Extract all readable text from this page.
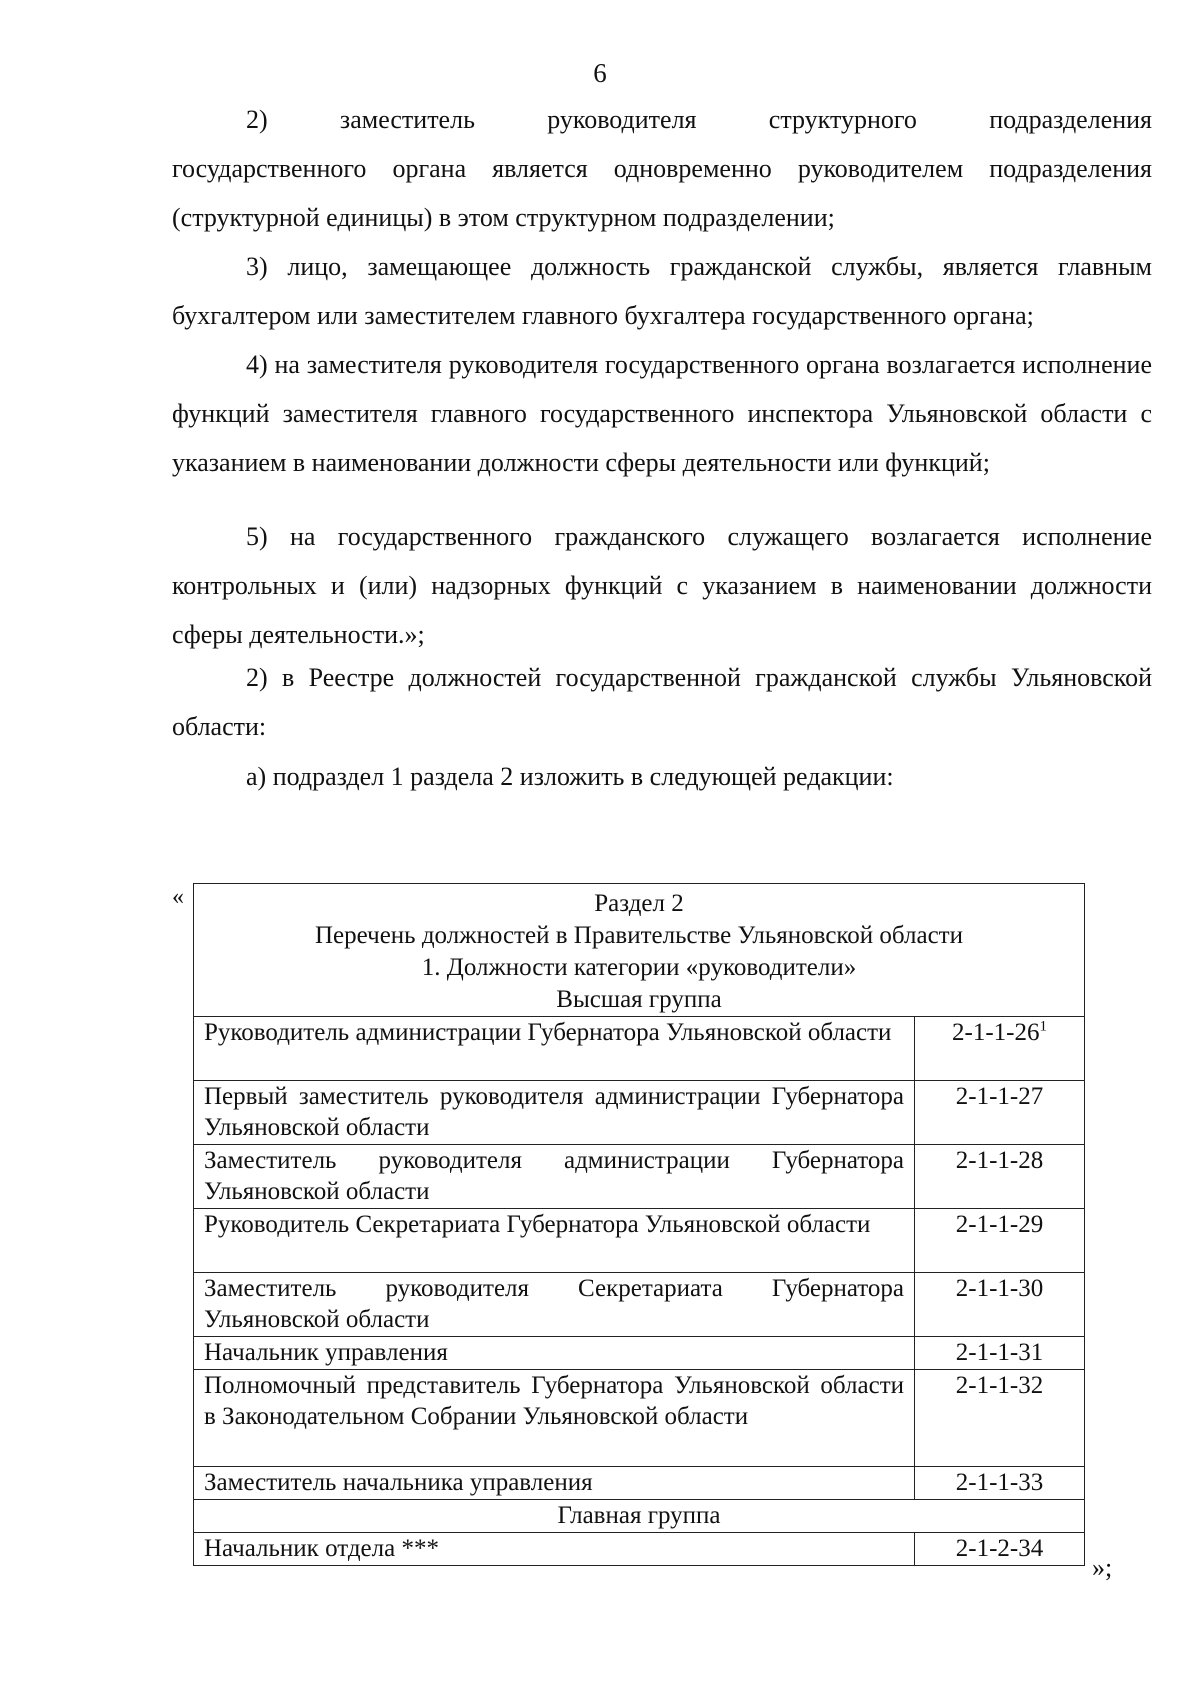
6
2) заместитель	руководителя	структурного	подразделения
государственного органа является одновременно руководителем подразделения (структурной единицы) в этом структурном подразделении;
3) лицо, замещающее должность гражданской службы, является главным бухгалтером или заместителем главного бухгалтера государственного органа;
4) на заместителя руководителя государственного органа возлагается исполнение функций заместителя главного государственного инспектора Ульяновской области с указанием в наименовании должности сферы деятельности или функций;
5) на государственного гражданского служащего возлагается исполнение контрольных и (или) надзорных функций с указанием в наименовании должности сферы деятельности.»;
2) в Реестре должностей государственной гражданской службы Ульяновской области:
а) подраздел 1 раздела 2 изложить в следующей редакции:
«	Раздел 2
Перечень должностей в Правительстве Ульяновской области
1. Должности категории «руководители»
Высшая группа	

Руководитель администрации Губернатора Ульяновской области	$2-1-1-26^1$
Первый заместитель руководителя администрации Губернатора Ульяновской области	2-1-1-27
Заместитель руководителя администрации Губернатора Ульяновской области	2-1-1-28
Руководитель Секретариата Губернатора Ульяновской области	2-1-1-29
Заместитель руководителя Секретариата Губернатора Ульяновской области	2-1-1-30
Начальник управления	2-1-1-31
Полномочный представитель Губернатора Ульяновской области в Законодательном Собрании Ульяновской области	2-1-1-32
Заместитель начальника управления	2-1-1-33
Главная группа	
Начальник отдела ***	2-1-2-34
»;
